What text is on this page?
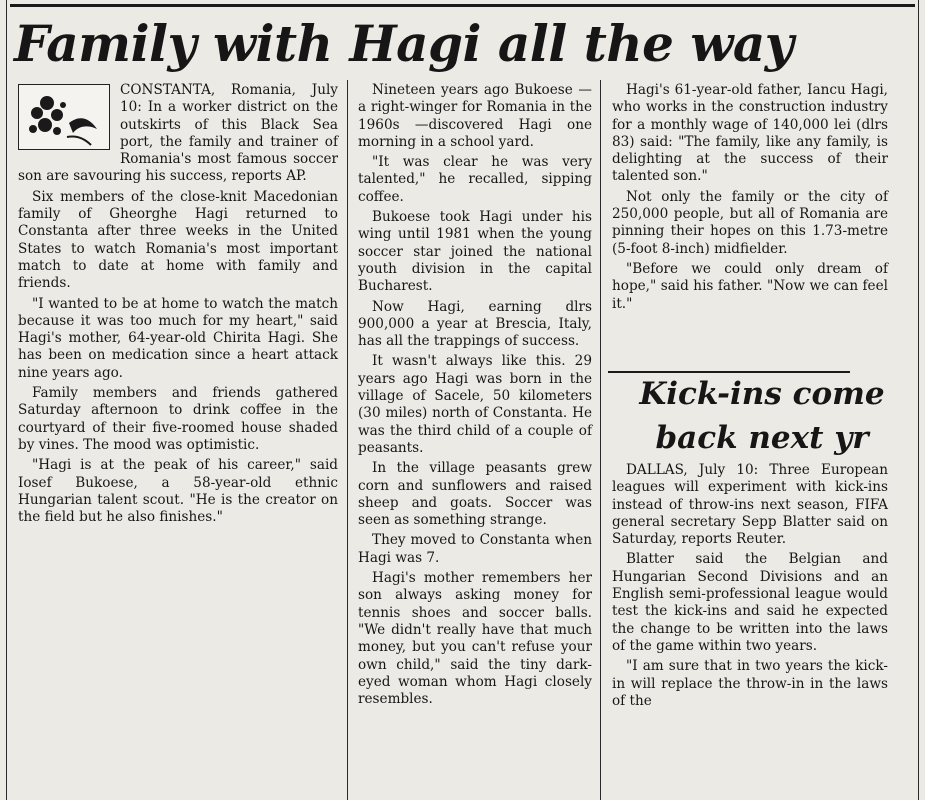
Family with Hagi all the way

CONSTANTA, Romania, July 10: In a worker district on the outskirts of this Black Sea port, the family and trainer of Romania's most famous soccer son are savouring his success, reports AP.

Six members of the close-knit Macedonian family of Gheorghe Hagi returned to Constanta after three weeks in the United States to watch Romania's most important match to date at home with family and friends.

"I wanted to be at home to watch the match because it was too much for my heart," said Hagi's mother, 64-year-old Chirita Hagi. She has been on medication since a heart attack nine years ago.

Family members and friends gathered Saturday afternoon to drink coffee in the courtyard of their five-roomed house shaded by vines. The mood was optimistic.

"Hagi is at the peak of his career," said Iosef Bukoese, a 58-year-old ethnic Hungarian talent scout. "He is the creator on the field but he also finishes."

Nineteen years ago Bukoese — a right-winger for Romania in the 1960s —discovered Hagi one morning in a school yard.

"It was clear he was very talented," he recalled, sipping coffee.

Bukoese took Hagi under his wing until 1981 when the young soccer star joined the national youth division in the capital Bucharest.

Now Hagi, earning dlrs 900,000 a year at Brescia, Italy, has all the trappings of success.

It wasn't always like this. 29 years ago Hagi was born in the village of Sacele, 50 kilometers (30 miles) north of Constanta. He was the third child of a couple of peasants.

In the village peasants grew corn and sunflowers and raised sheep and goats. Soccer was seen as something strange.

They moved to Constanta when Hagi was 7.

Hagi's mother remembers her son always asking money for tennis shoes and soccer balls. "We didn't really have that much money, but you can't refuse your own child," said the tiny dark-eyed woman whom Hagi closely resembles.

Hagi's 61-year-old father, Iancu Hagi, who works in the construction industry for a monthly wage of 140,000 lei (dlrs 83) said: "The family, like any family, is delighting at the success of their talented son."

Not only the family or the city of 250,000 people, but all of Romania are pinning their hopes on this 1.73-metre (5-foot 8-inch) midfielder.

"Before we could only dream of hope," said his father. "Now we can feel it."

Kick-ins come
back next yr

DALLAS, July 10: Three European leagues will experiment with kick-ins instead of throw-ins next season, FIFA general secretary Sepp Blatter said on Saturday, reports Reuter.

Blatter said the Belgian and Hungarian Second Divisions and an English semi-professional league would test the kick-ins and said he expected the change to be written into the laws of the game within two years.

"I am sure that in two years the kick-in will replace the throw-in in the laws of the
